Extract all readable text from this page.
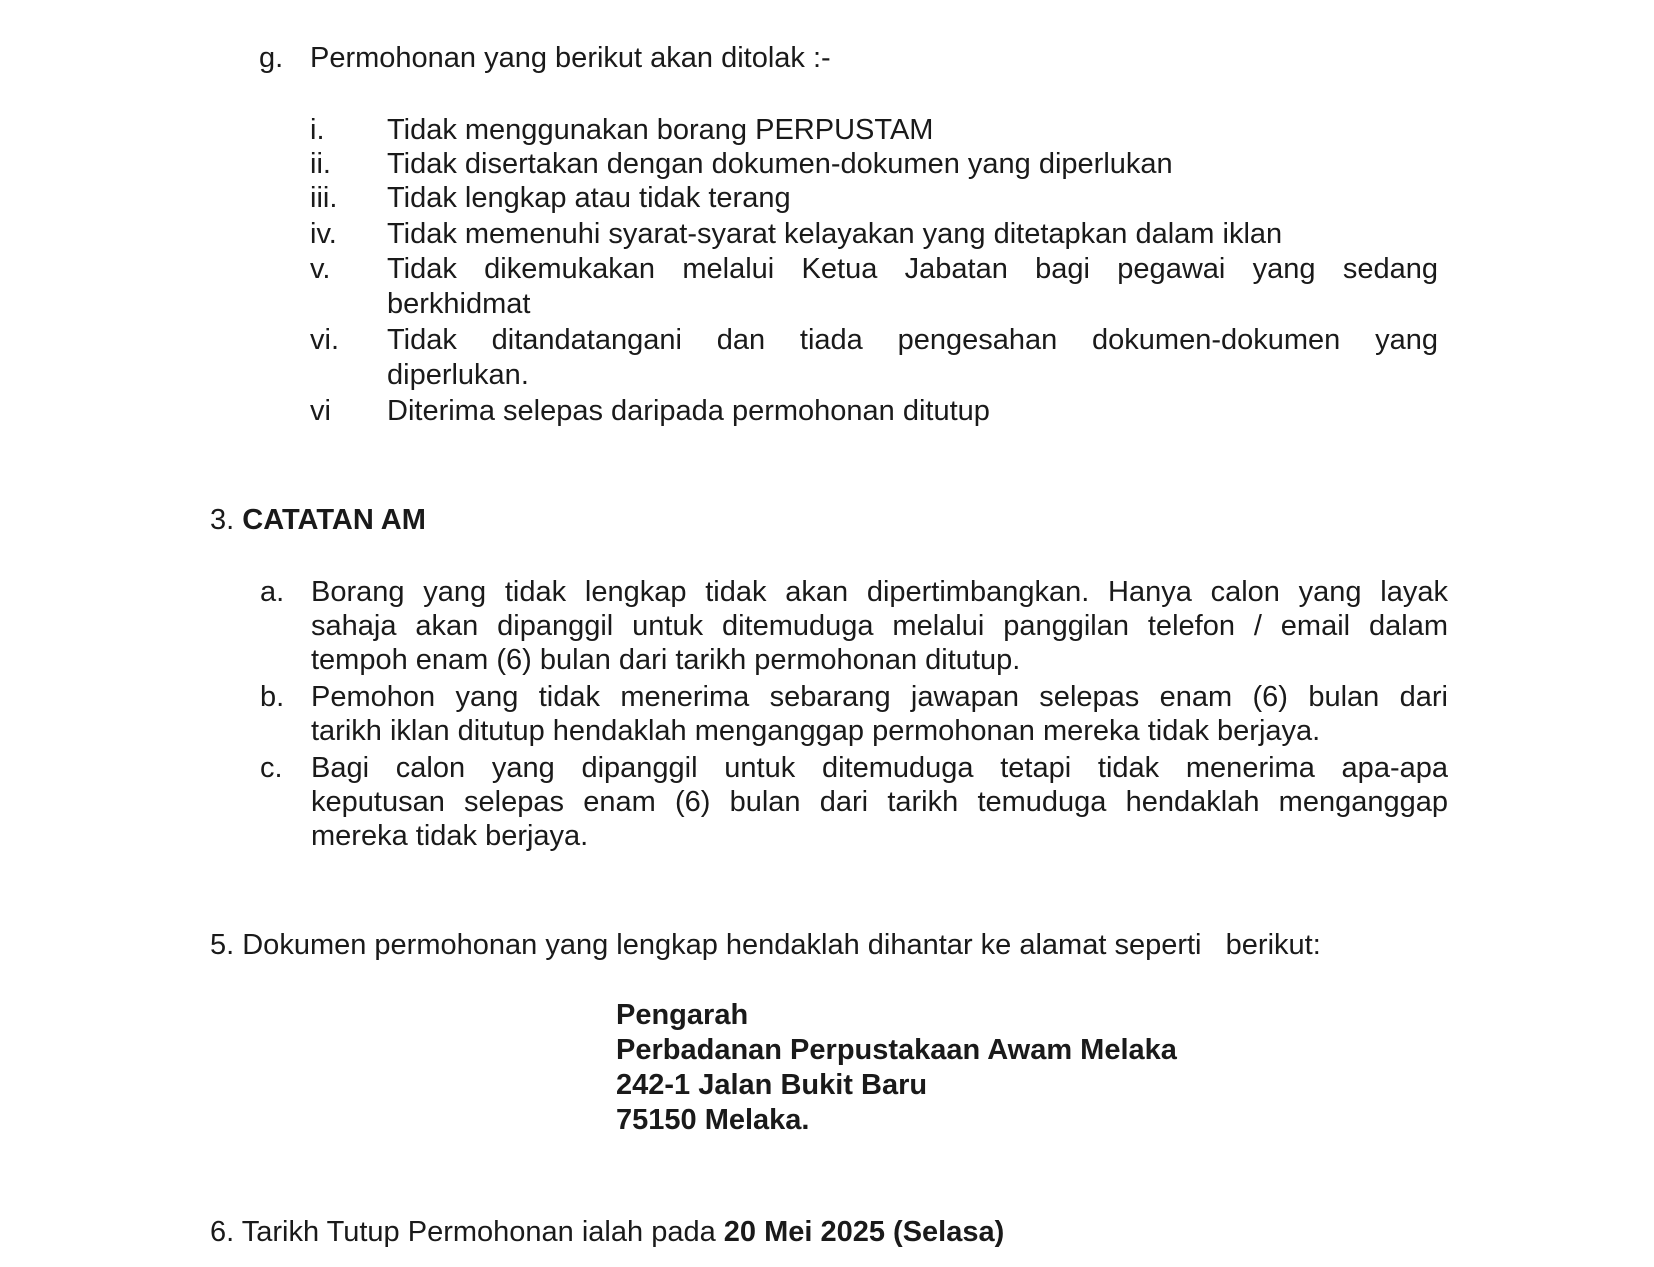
g. Permohonan yang berikut akan ditolak :-
i. Tidak menggunakan borang PERPUSTAM
ii. Tidak disertakan dengan dokumen-dokumen yang diperlukan
iii. Tidak lengkap atau tidak terang
iv. Tidak memenuhi syarat-syarat kelayakan yang ditetapkan dalam iklan
v. Tidak dikemukakan melalui Ketua Jabatan bagi pegawai yang sedang
berkhidmat
vi. Tidak ditandatangani dan tiada pengesahan dokumen-dokumen yang
diperlukan.
vi Diterima selepas daripada permohonan ditutup
3. CATATAN AM
a. Borang yang tidak lengkap tidak akan dipertimbangkan. Hanya calon yang layak
sahaja akan dipanggil untuk ditemuduga melalui panggilan telefon / email dalam
tempoh enam (6) bulan dari tarikh permohonan ditutup.
b. Pemohon yang tidak menerima sebarang jawapan selepas enam (6) bulan dari
tarikh iklan ditutup hendaklah menganggap permohonan mereka tidak berjaya.
c. Bagi calon yang dipanggil untuk ditemuduga tetapi tidak menerima apa-apa
keputusan selepas enam (6) bulan dari tarikh temuduga hendaklah menganggap
mereka tidak berjaya.
5. Dokumen permohonan yang lengkap hendaklah dihantar ke alamat seperti   berikut:
Pengarah
Perbadanan Perpustakaan Awam Melaka
242-1 Jalan Bukit Baru
75150 Melaka.
6. Tarikh Tutup Permohonan ialah pada 20 Mei 2025 (Selasa)
